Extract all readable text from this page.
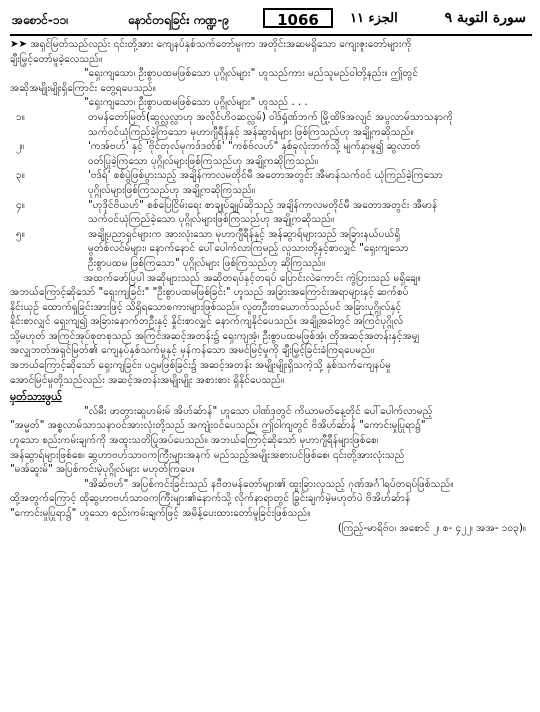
အစောင်-၁၁၊	နောင်တရခြင်း ကဏ္ဍ-၉	1066	الجزء ١١	سورة التوبة ٩

➤➤ အရှင်မြတ်သည်လည်း ၎င်းတို့အား ကျေနပ်နှစ်သက်တော်မူကာ အတိုင်းအဆမရှိသော ကျေးဇူးတော်များကို

ချီးမြှင့်တော်မူခဲ့လေသည်။

"ရှေးကျသော၊ ဦးစွာပထမဖြစ်သော ပုဂ္ဂိုလ်များ" ဟူသည်ကား မည်သူမည်ဝါတို့နည်း။ ဤတွင်

အဆိုအမျိုးမျိုးရှိကြောင်း တွေ့ရပေသည်။

"ရှေးကျသော၊ ဦးစွာပထမဖြစ်သော ပုဂ္ဂိုလ်များ" ဟူသည် . . .

၁။	တမန်တော်မြတ်(ဆွလ္လလ္လာဟု အလိုင်ဟိဝဆလ္လမ်) ဝါဒ်ရှံ့ဏ်ဘက် မြို့ထိ၆အလျင် အပွလာမ်သာသနာကို
သက်ဝင်ယုံကြည်ခဲ့ကြသော မုဟာဂျီရီန်နှင့် အန်ဆွာရ်များ ဖြစ်ကြသည်ဟု အချို့ကဆိုသည်။
၂။	'ကအ်ဗဟ်' နှင့် 'ဗိုင်တုလ်မုကဒ်ဒတ်စ်' "ကစ်ဗ်လဟ်" နှစ်ခုလုံးဘက်သို့ မျက်နှာမူ၍ ဆွလာတ်
ဝတ်ပြုခဲ့ကြသော ပုဂ္ဂိုလ်များဖြစ်ကြသည်ဟု အချို့ကဆိုကြသည်။
၃။	'ဗဒ်ရ်' စစ်ပွဲဖြစ်ပွားသည့် အချိန်ကာလမတိုင်မီ အတောအတွင်း အီမာန်သက်ဝင် ယုံကြည်ခဲ့ကြသော
ပုဂ္ဂိုလ်များဖြစ်ကြသည်ဟု အချို့ကဆိုကြသည်။
၄။	"ဟုဒိုင်ဗိယဟ်" စစ်ပြေငြိမ်းရေး စာချုပ်ချုပ်ဆိုသည့် အချိန်ကာလမတိုင်မီ အတောအတွင်း အီမာန်
သက်ဝင်ယုံကြည်ခဲ့သော ပုဂ္ဂိုလ်များဖြစ်ကြသည်ဟု အချို့ကဆိုသည်။
၅။	အချို့ပညာရှင်များက အားလုံးသော မုဟာဂျီရီန်နှင့် အန်ဆွာရ်များသည် အခြားနယ်ပယ်ရှိ
မွတ်စ်လင်မ်များ၊ နောက်နောင် ပေါ်ပေါက်လာကြမည့် လူသားတို့နှင့်စာလျှင် "ရှေးကျသော
ဦးစွာပထမ ဖြစ်ကြသော" ပုဂ္ဂိုလ်များ ဖြစ်ကြသည်ဟု ဆိုကြသည်။

အထက်ဖော်ပြပါ အဆိုများသည် အဆိုတရပ်နှင့်တရပ် ပြောင်းလဲကောင်း ကွဲပြားသည် မရှိချေ။

အဘယ်ကြောင့်ဆိုသော် "ရှေးကျခြင်း" "ဦးစွာပထမဖြစ်ခြင်း" ဟူသည် အခြားအကြောင်းအရာများနှင့် ဆက်စပ်

နိုင်းယှဉ် ထောက်ရှုခြင်းအားဖြင့် သိရှိရသောစကားများဖြစ်သည်။ လူတဦးတယောက်သည်ပင် အခြားပုဂ္ဂိုလ်နှင့်

နိုင်းစာလျှင် ရှေးကျ၍ အခြားနောက်တဦးနှင့် နှိုင်းစာလျှင် နောက်ကျနိုင်ပေသည်။ အချို့အခါတွင် အကြင်ပုဂ္ဂိုလ်

သို့မဟုတ် အကြင်အုပ်စုတစုသည် အကြင်အဆင့်အတန်း၌ ရှေးကျအံ့၊ ဦးစွာပထမဖြစ်အံ့၊ တိုအဆင့်အတန်းနှင့်အမျှ

အလျှဘတ်အရှင်မြတ်၏ ကျေနပ်နှစ်သက်မှုနှင့် မှန်ကန်သော အမင်မြင့်မှုကို ချီးမြှင့်ခြင်းခံကြရပေမည်။

အဘယ်ကြောင့်ဆိုသော် ရှေးကျခြင်း၊ ပဌမဖြစ်ခြင်း၌ အဆင့်အတန်း အမျိုးမျိုးရှိသကဲ့သို့ နှစ်သက်ကျေနပ်မှု

အောင်မြင်မှုတို့သည်လည်း အဆင့်အတန်းအမျိုးမျိုး အစားစား ရှိနိုင်ပေသည်။

မှတ်သားဖွယ်

"လ်မီး ဖာတွားဆူဟမ်းမ် အိဟ်ဆ်ာန်" ဟူသော ပါဏ်ဒုတွင် ကိယာမတ်နေ့တိုင် ပေါ်ပေါက်လာမည့်

"အမ္မတ်" အစ္စလာမ်သာသနာဝင်အားလုံးတို့သည် အကျုံးဝင်ပေသည်။ ဤဝါကျတွင် ဗိအိဟ်ဆ်ာန် "ကောင်းမှုပြုရာ၌"

ဟူသော စည်းကမ်းချက်ကို အထူးသတိပြုအပ်ပေသည်။ အဘယ်ကြောင့်ဆိုသော် မုဟာဂျီရီန်များဖြစ်စေ၊

အန်ဆွာရ်များဖြစ်စေ၊ ဆွဟာဗဟ်သာဝကကြီးများအနက် မည်သည့်အမျိုးအစားပင်ဖြစ်စေ၊ ၎င်းတို့အားလုံးသည်

"မအ်ဆူးမ်" အပြစ်ကင်းမဲ့ပုဂ္ဂိုလ်များ မဟုတ်ကြပေ။

"အိဆ်ဗဟ်" အပြစ်ကင်းခြင်းသည် နဗီတမန်တော်များ၏ ထူးခြားလှသည့် ဂုဏ်အင်္ဂါရပ်တရပ်ဖြစ်သည်။

ထို့အတွက်ကြောင့် ထိုဆွဟာဗဟ်သာဝကကြီးများ၏နောက်သို့ လိုက်နာရာတွင် ခြွင်းချက်မဲ့မဟုတ်ပဲ ဗိအိဟ်ဆ်ာန်

"ကောင်းမှုပြုရာ၌" ဟူသော စည်းကမ်းချက်ဖြင့် အမိန့်ပေးထားတော်မူခြင်းဖြစ်သည်။

(ကြည့်-မာရိဗ်ဝ၊ အစောင် ၂၊ စ- ၄၂၂၊ အအ- ၁၀၃)။
